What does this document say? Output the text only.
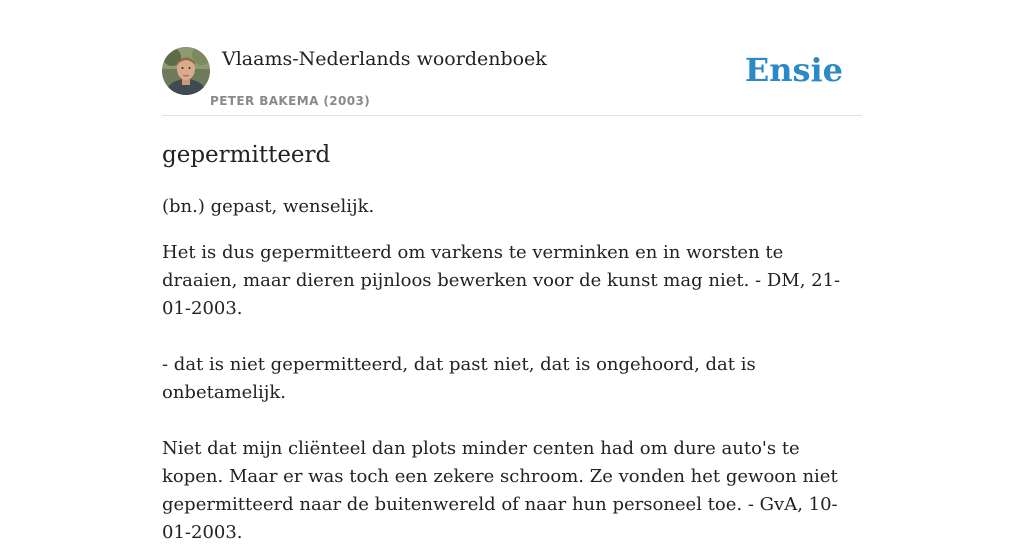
Vlaams-Nederlands woordenboek
PETER BAKEMA (2003)
Ensie
gepermitteerd
(bn.) gepast, wenselijk.

Het is dus gepermitteerd om varkens te verminken en in worsten te draaien, maar dieren pijnloos bewerken voor de kunst mag niet. - DM, 21-01-2003.

- dat is niet gepermitteerd, dat past niet, dat is ongehoord, dat is onbetamelijk.

Niet dat mijn cliënteel dan plots minder centen had om dure auto's te kopen. Maar er was toch een zekere schroom. Ze vonden het gewoon niet gepermitteerd naar de buitenwereld of naar hun personeel toe. - GvA, 10-01-2003.
